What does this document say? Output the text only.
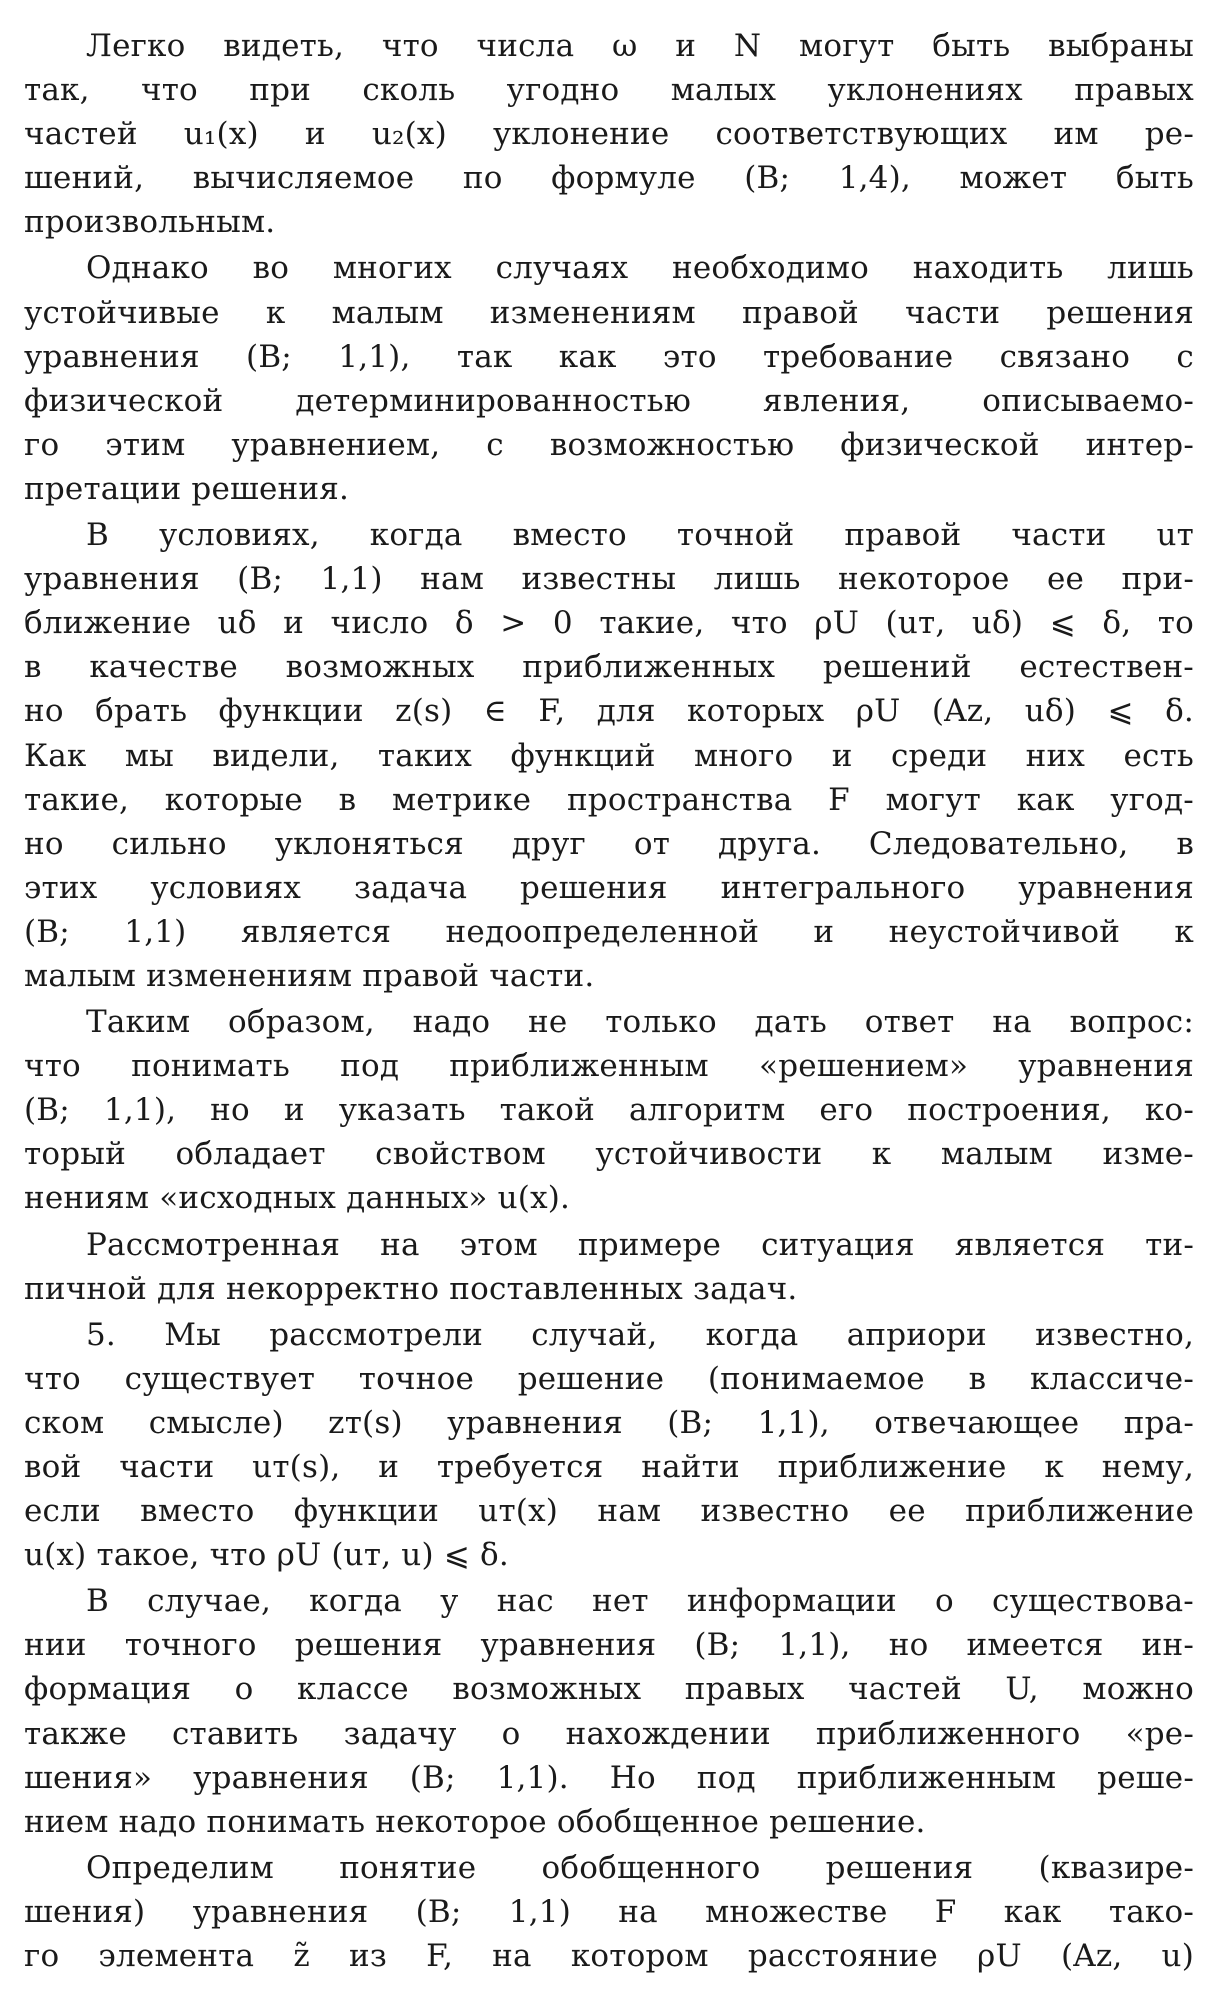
Легко видеть, что числа ω и N могут быть выбраны
так, что при сколь угодно малых уклонениях правых
частей u₁(x) и u₂(x) уклонение соответствующих им ре-
шений, вычисляемое по формуле (В; 1,4), может быть
произвольным.
Однако во многих случаях необходимо находить лишь
устойчивые к малым изменениям правой части решения
уравнения (В; 1,1), так как это требование связано с
физической детерминированностью явления, описываемо-
го этим уравнением, с возможностью физической интер-
претации решения.
В условиях, когда вместо точной правой части uт
уравнения (В; 1,1) нам известны лишь некоторое ее при-
ближение uδ и число δ > 0 такие, что ρU (uт, uδ) ⩽ δ, то
в качестве возможных приближенных решений естествен-
но брать функции z(s) ∈ F, для которых ρU (Az, uδ) ⩽ δ.
Как мы видели, таких функций много и среди них есть
такие, которые в метрике пространства F могут как угод-
но сильно уклоняться друг от друга. Следовательно, в
этих условиях задача решения интегрального уравнения
(В; 1,1) является недоопределенной и неустойчивой к
малым изменениям правой части.
Таким образом, надо не только дать ответ на вопрос:
что понимать под приближенным «решением» уравнения
(В; 1,1), но и указать такой алгоритм его построения, ко-
торый обладает свойством устойчивости к малым изме-
нениям «исходных данных» u(x).
Рассмотренная на этом примере ситуация является ти-
пичной для некорректно поставленных задач.
5. Мы рассмотрели случай, когда априори известно,
что существует точное решение (понимаемое в классиче-
ском смысле) zт(s) уравнения (В; 1,1), отвечающее пра-
вой части uт(s), и требуется найти приближение к нему,
если вместо функции uт(x) нам известно ее приближение
u(x) такое, что ρU (uт, u) ⩽ δ.
В случае, когда у нас нет информации о существова-
нии точного решения уравнения (В; 1,1), но имеется ин-
формация о классе возможных правых частей U, можно
также ставить задачу о нахождении приближенного «ре-
шения» уравнения (В; 1,1). Но под приближенным реше-
нием надо понимать некоторое обобщенное решение.
Определим понятие обобщенного решения (квазире-
шения) уравнения (В; 1,1) на множестве F как тако-
го элемента z̃ из F, на котором расстояние ρU (Az, u)
